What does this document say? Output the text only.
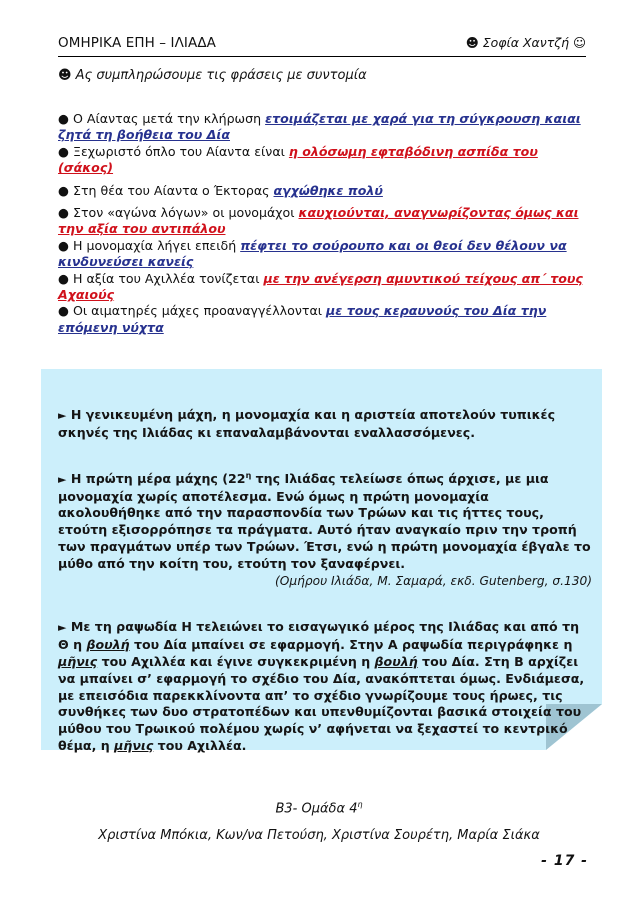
ΟΜΗΡΙΚΑ ΕΠΗ – ΙΛΙΑΔΑ	☻ Σοφία Χαντζή ☺
☻ Ας συμπληρώσουμε τις φράσεις με συντομία

● Ο Αίαντας μετά την κλήρωση ετοιμάζεται με χαρά για τη σύγκρουση καιαι ζητά τη βοήθεια του Δία

● Ξεχωριστό όπλο του Αίαντα είναι η ολόσωμη εφταβόδινη ασπίδα του (σάκος)

● Στη θέα του Αίαντα ο Έκτορας αγχώθηκε πολύ

● Στον «αγώνα λόγων» οι μονομάχοι καυχιούνται, αναγνωρίζοντας όμως και την αξία του αντιπάλου

● Η μονομαχία λήγει επειδή πέφτει το σούρουπο και οι θεοί δεν θέλουν να κινδυνεύσει κανείς

● Η αξία του Αχιλλέα τονίζεται με την ανέγερση αμυντικού τείχους απ΄ τους Αχαιούς

● Οι αιματηρές μάχες προαναγγέλλονται με τους κεραυνούς του Δία την επόμενη νύχτα

► Η γενικευμένη μάχη, η μονομαχία και η αριστεία αποτελούν τυπικές σκηνές της Ιλιάδας κι επαναλαμβάνονται εναλλασσόμενες.

► Η πρώτη μέρα μάχης ($22^\eta$ της Ιλιάδας τελείωσε όπως άρχισε, με μια μονομαχία χωρίς αποτέλεσμα. Ενώ όμως η πρώτη μονομαχία ακολουθήθηκε από την παρασπονδία των Τρώων και τις ήττες τους, ετούτη εξισορρόπησε τα πράγματα. Αυτό ήταν αναγκαίο πριν την τροπή των πραγμάτων υπέρ των Τρώων. Έτσι, ενώ η πρώτη μονομαχία έβγαλε το μύθο από την κοίτη του, ετούτη τον ξαναφέρνει.
(Ομήρου Ιλιάδα, Μ. Σαμαρά, εκδ. Gutenberg, σ.130)

► Με τη ραψωδία Η τελειώνει το εισαγωγικό μέρος της Ιλιάδας και από τη Θ η βουλή του Δία μπαίνει σε εφαρμογή. Στην Α ραψωδία περιγράφηκε η μῆνις του Αχιλλέα και έγινε συγκεκριμένη η βουλή του Δία. Στη Β αρχίζει να μπαίνει σ’ εφαρμογή το σχέδιο του Δία, ανακόπτεται όμως. Ενδιάμεσα, με επεισόδια παρεκκλίνοντα απ’ το σχέδιο γνωρίζουμε τους ήρωες, τις συνθήκες των δυο στρατοπέδων και υπενθυμίζονται βασικά στοιχεία του μύθου του Τρωικού πολέμου χωρίς ν’ αφήνεται να ξεχαστεί το κεντρικό θέμα, η μῆνις του Αχιλλέα.

Β3- Ομάδα $4^\eta$
Χριστίνα Μπόκια, Κων/να Πετούση, Χριστίνα Σουρέτη, Μαρία Σιάκα
- 17 -
